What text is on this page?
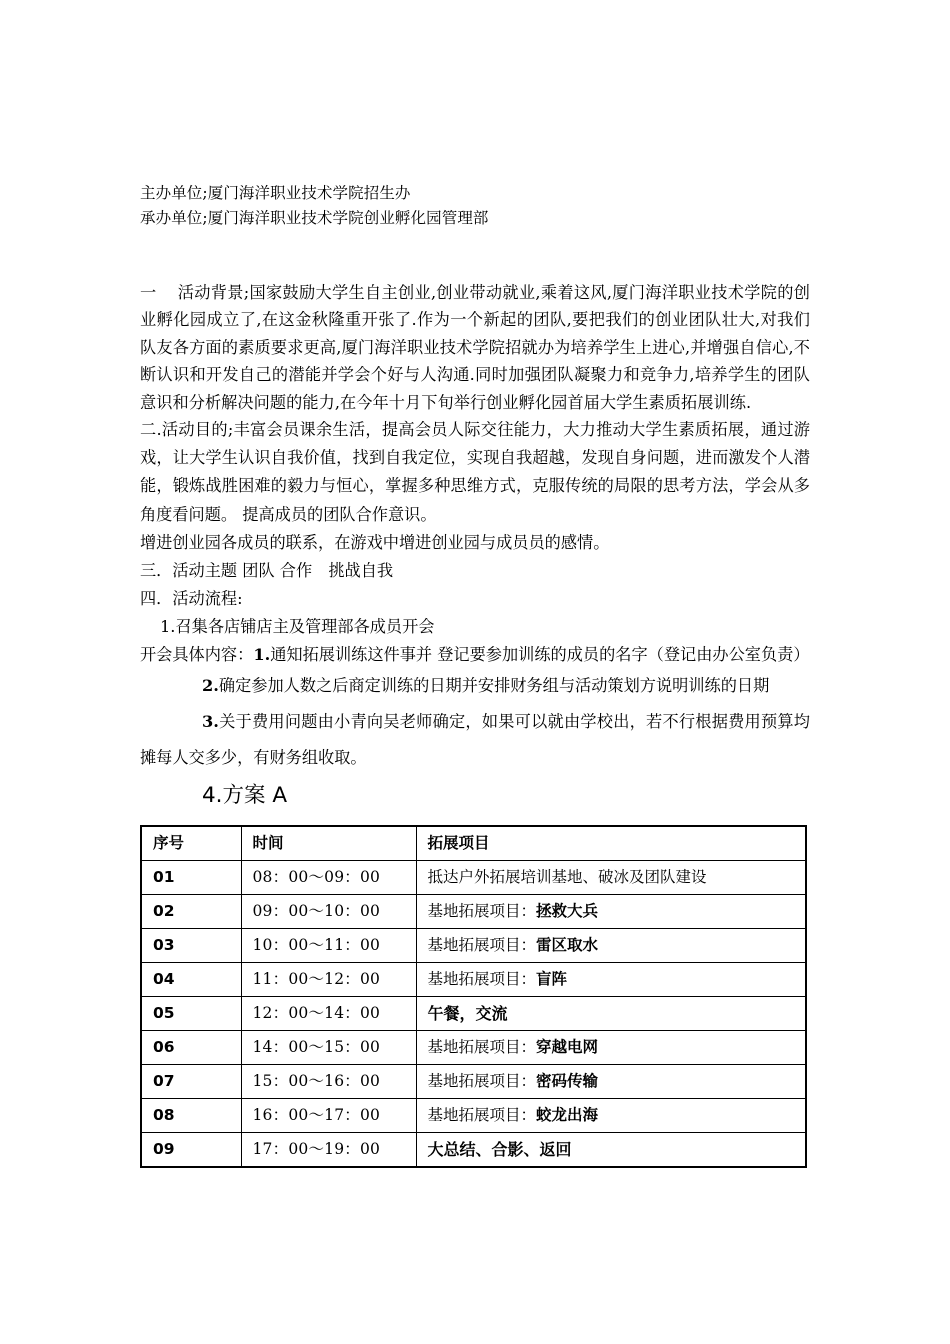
主办单位;厦门海洋职业技术学院招生办
承办单位;厦门海洋职业技术学院创业孵化园管理部

一 活动背景;国家鼓励大学生自主创业,创业带动就业,乘着这风,厦门海洋职业技术学院的创业孵化园成立了,在这金秋隆重开张了.作为一个新起的团队,要把我们的创业团队壮大,对我们队友各方面的素质要求更高,厦门海洋职业技术学院招就办为培养学生上进心,并增强自信心,不断认识和开发自己的潜能并学会个好与人沟通.同时加强团队凝聚力和竞争力,培养学生的团队意识和分析解决问题的能力,在今年十月下旬举行创业孵化园首届大学生素质拓展训练.

二.活动目的;丰富会员课余生活，提高会员人际交往能力，大力推动大学生素质拓展，通过游戏，让大学生认识自我价值，找到自我定位，实现自我超越，发现自身问题，进而激发个人潜能，锻炼战胜困难的毅力与恒心，掌握多种思维方式，克服传统的局限的思考方法，学会从多角度看问题。 提高成员的团队合作意识。

增进创业园各成员的联系，在游戏中增进创业园与成员员的感情。

三．活动主题 团队 合作　挑战自我

四．活动流程:

1.召集各店铺店主及管理部各成员开会

开会具体内容：1.通知拓展训练这件事并 登记要参加训练的成员的名字（登记由办公室负责）

2.确定参加人数之后商定训练的日期并安排财务组与活动策划方说明训练的日期

3.关于费用问题由小青向吴老师确定，如果可以就由学校出，若不行根据费用预算均摊每人交多少，有财务组收取。

4.方案 A

序号	时间	拓展项目
01	08：00～09：00	抵达户外拓展培训基地、破冰及团队建设
02	09：00～10：00	基地拓展项目：拯救大兵
03	10：00～11：00	基地拓展项目：雷区取水
04	11：00～12：00	基地拓展项目：盲阵
05	12：00～14：00	午餐，交流
06	14：00～15：00	基地拓展项目：穿越电网
07	15：00～16：00	基地拓展项目：密码传输
08	16：00～17：00	基地拓展项目：蛟龙出海
09	17：00～19：00	大总结、合影、返回
